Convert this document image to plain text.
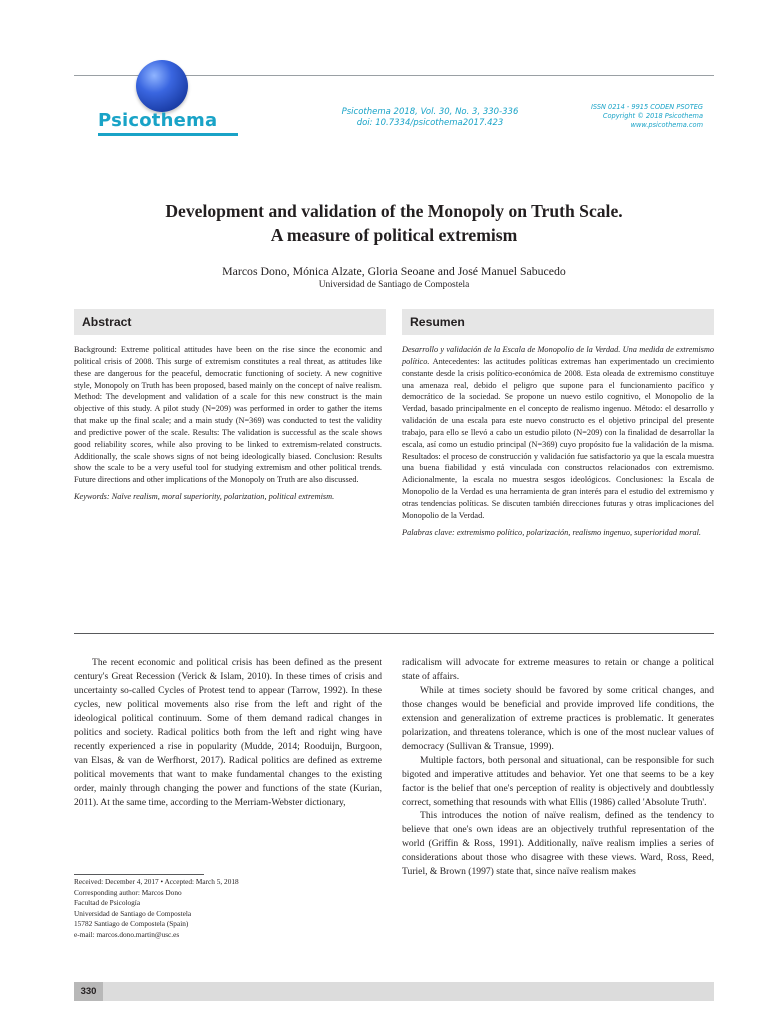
Psicothema	Psicothema 2018, Vol. 30, No. 3, 330-336
doi: 10.7334/psicothema2017.423
ISSN 0214 - 9915 CODEN PSOTEG
Copyright © 2018 Psicothema
www.psicothema.com
Development and validation of the Monopoly on Truth Scale.
A measure of political extremism
Marcos Dono, Mónica Alzate, Gloria Seoane and José Manuel Sabucedo
Universidad de Santiago de Compostela
Abstract

Background: Extreme political attitudes have been on the rise since the economic and political crisis of 2008. This surge of extremism constitutes a real threat, as attitudes like these are dangerous for the peaceful, democratic functioning of society. A new cognitive style, Monopoly on Truth has been proposed, based mainly on the concept of naïve realism. Method: The development and validation of a scale for this new construct is the main objective of this study. A pilot study (N=209) was performed in order to gather the items that make up the final scale; and a main study (N=369) was conducted to test the validity and predictive power of the scale. Results: The validation is successful as the scale shows good reliability scores, while also proving to be linked to extremism-related constructs. Additionally, the scale shows signs of not being ideologically biased. Conclusion: Results show the scale to be a very useful tool for studying extremism and other political trends. Future directions and other implications of the Monopoly on Truth are also discussed.

Keywords: Naïve realism, moral superiority, polarization, political extremism.

Resumen

Desarrollo y validación de la Escala de Monopolio de la Verdad. Una medida de extremismo político. Antecedentes: las actitudes políticas extremas han experimentado un crecimiento constante desde la crisis político-económica de 2008. Esta oleada de extremismo constituye una amenaza real, debido el peligro que supone para el funcionamiento pacífico y democrático de la sociedad. Se propone un nuevo estilo cognitivo, el Monopolio de la Verdad, basado principalmente en el concepto de realismo ingenuo. Método: el desarrollo y validación de una escala para este nuevo constructo es el objetivo principal del presente trabajo, para ello se llevó a cabo un estudio piloto (N=209) con la finalidad de desarrollar la escala, así como un estudio principal (N=369) cuyo propósito fue la validación de la misma. Resultados: el proceso de construcción y validación fue satisfactorio ya que la escala muestra una buena fiabilidad y está vinculada con constructos relacionados con extremismo. Adicionalmente, la escala no muestra sesgos ideológicos. Conclusiones: la Escala de Monopolio de la Verdad es una herramienta de gran interés para el estudio del extremismo y otras tendencias políticas. Se discuten también direcciones futuras y otras implicaciones del Monopolio de la Verdad.

Palabras clave: extremismo político, polarización, realismo ingenuo, superioridad moral.

The recent economic and political crisis has been defined as the present century's Great Recession (Verick & Islam, 2010). In these times of crisis and uncertainty so-called Cycles of Protest tend to appear (Tarrow, 1992). In these cycles, new political movements also rise from the left and right of the ideological political continuum. Some of them demand radical changes in politics and society. Radical politics both from the left and right wing have recently experienced a rise in popularity (Mudde, 2014; Rooduijn, Burgoon, van Elsas, & van de Werfhorst, 2017). Radical politics are defined as extreme political movements that want to make fundamental changes to the existing order, mainly through changing the power and functions of the state (Kurian, 2011). At the same time, according to the Merriam-Webster dictionary,

radicalism will advocate for extreme measures to retain or change a political state of affairs.

While at times society should be favored by some critical changes, and those changes would be beneficial and provide improved life conditions, the extension and generalization of extreme practices is problematic. It generates polarization, and threatens tolerance, which is one of the most nuclear values of democracy (Sullivan & Transue, 1999).

Multiple factors, both personal and situational, can be responsible for such bigoted and imperative attitudes and behavior. Yet one that seems to be a key factor is the belief that one's perception of reality is objectively and doubtlessly correct, something that resounds with what Ellis (1986) called 'Absolute Truth'.

This introduces the notion of naïve realism, defined as the tendency to believe that one's own ideas are an objectively truthful representation of the world (Griffin & Ross, 1991). Additionally, naïve realism implies a series of considerations about those who disagree with these views. Ward, Ross, Reed, Turiel, & Brown (1997) state that, since naïve realism makes

Received: December 4, 2017 • Accepted: March 5, 2018
Corresponding author: Marcos Dono
Facultad de Psicología
Universidad de Santiago de Compostela
15782 Santiago de Compostela (Spain)
e-mail: marcos.dono.martin@usc.es
330
